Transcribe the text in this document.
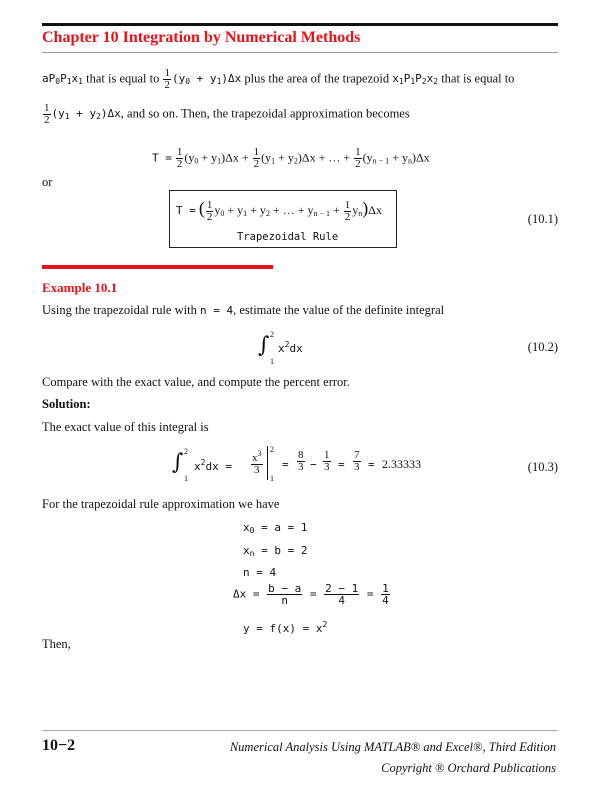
Chapter 10 Integration by Numerical Methods
$aP_0P_1x_1$ that is equal to $\frac{1}{2} (y_0 + y_1)\Delta x$ plus the area of the trapezoid $x_1P_1P_2x_2$ that is equal to
$\frac{1}{2} (y_1 + y_2)\Delta x$, and so on. Then, the trapezoidal approximation becomes
$T = \frac{1}{2} (y_0 + y_1)\Delta x + \frac{1}{2} (y_1 + y_2)\Delta x$ + … + $\frac{1}{2} (y_{n - 1} + y_n)\Delta x$
or
T = ( $\frac{1}{2} y_0 + y_1 + y_2$ + … + $y_{n - 1} + \frac{1}{2} y_n)\Delta x$
Trapezoidal Rule
(10.1)
Example 10.1
Using the trapezoidal rule with n = 4, estimate the value of the definite integral
∫ 2
1
$x^2dx$	(10.2)
Compare with the exact value, and compute the percent error.
Solution:
The exact value of this integral is
∫ 2
1
$x^2dx = \frac{x^3}{3}$
2
1
= $\frac{8}{3} - \frac{1}{3} = \frac{7}{3} = 2.33333$	(10.3)
For the trapezoidal rule approximation we have
$x_0 = a = 1$
$x_n = b = 2$
n = 4
$\Delta x = \frac{b - a}{n} = \frac{2 - 1}{4} = \frac{1}{4}$
$y = f(x) = x^2$
Then,
10−2	Numerical Analysis Using MATLAB® and Excel®, Third Edition
Copyright ® Orchard Publications
